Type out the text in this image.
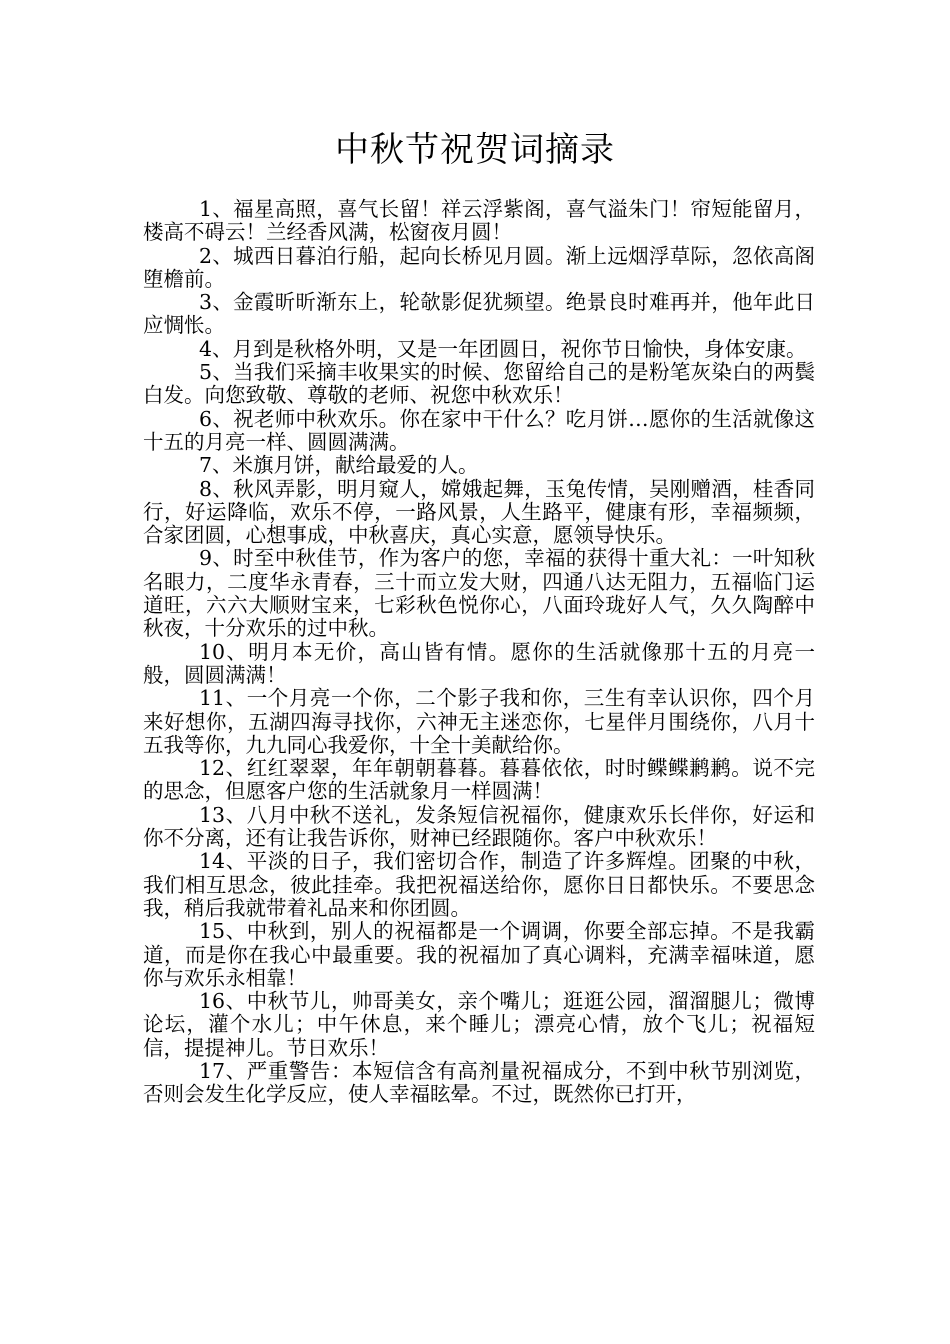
中秋节祝贺词摘录

1、福星高照，喜气长留！祥云浮紫阁，喜气溢朱门！帘短能留月，楼高不碍云！兰经香风满，松窗夜月圆！

2、城西日暮泊行船，起向长桥见月圆。渐上远烟浮草际，忽依高阁堕檐前。

3、金霞昕昕渐东上，轮欹影促犹频望。绝景良时难再并，他年此日应惆怅。

4、月到是秋格外明，又是一年团圆日，祝你节日愉快，身体安康。

5、当我们采摘丰收果实的时候、您留给自己的是粉笔灰染白的两鬓白发。向您致敬、尊敬的老师、祝您中秋欢乐！

6、祝老师中秋欢乐。你在家中干什么？吃月饼…愿你的生活就像这十五的月亮一样、圆圆满满。

7、米旗月饼，献给最爱的人。

8、秋风弄影，明月窥人，嫦娥起舞，玉兔传情，吴刚赠酒，桂香同行，好运降临，欢乐不停，一路风景，人生路平，健康有形，幸福频频，合家团圆，心想事成，中秋喜庆，真心实意，愿领导快乐。

9、时至中秋佳节，作为客户的您，幸福的获得十重大礼：一叶知秋名眼力，二度华永青春，三十而立发大财，四通八达无阻力，五福临门运道旺，六六大顺财宝来，七彩秋色悦你心，八面玲珑好人气，久久陶醉中秋夜，十分欢乐的过中秋。

10、明月本无价，高山皆有情。愿你的生活就像那十五的月亮一般，圆圆满满！

11、一个月亮一个你，二个影子我和你，三生有幸认识你，四个月来好想你，五湖四海寻找你，六神无主迷恋你，七星伴月围绕你，八月十五我等你，九九同心我爱你，十全十美献给你。

12、红红翠翠，年年朝朝暮暮。暮暮依依，时时鲽鲽鹣鹣。说不完的思念，但愿客户您的生活就象月一样圆满！

13、八月中秋不送礼，发条短信祝福你，健康欢乐长伴你，好运和你不分离，还有让我告诉你，财神已经跟随你。客户中秋欢乐！

14、平淡的日子，我们密切合作，制造了许多辉煌。团聚的中秋，我们相互思念，彼此挂牵。我把祝福送给你，愿你日日都快乐。不要思念我，稍后我就带着礼品来和你团圆。

15、中秋到，别人的祝福都是一个调调，你要全部忘掉。不是我霸道，而是你在我心中最重要。我的祝福加了真心调料，充满幸福味道，愿你与欢乐永相靠！

16、中秋节儿，帅哥美女，亲个嘴儿；逛逛公园，溜溜腿儿；微博论坛，灌个水儿；中午休息，来个睡儿；漂亮心情，放个飞儿；祝福短信，提提神儿。节日欢乐！

17、严重警告：本短信含有高剂量祝福成分，不到中秋节别浏览，否则会发生化学反应，使人幸福眩晕。不过，既然你已打开，
